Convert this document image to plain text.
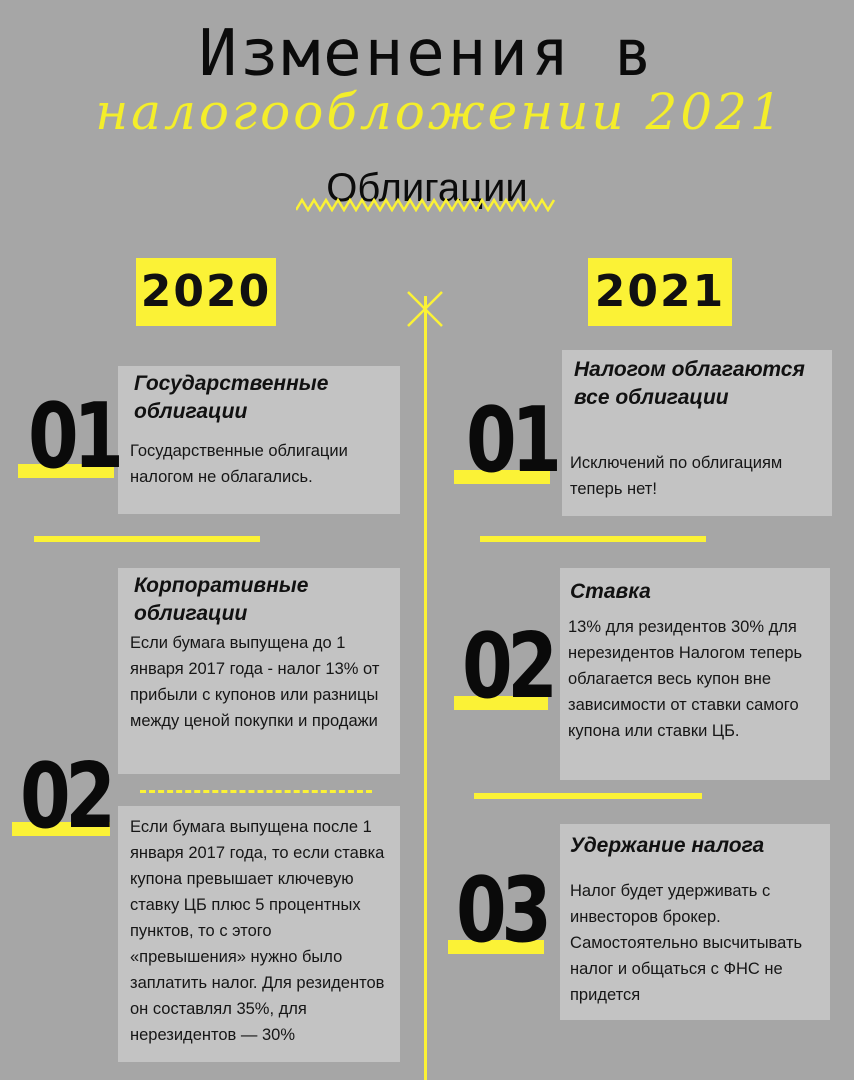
Изменения в
налогообложении 2021
Облигации
2020	2021

Государственные облигации

Государственные облигации налогом не облагались.

01

Корпоративные облигации

Если бумага выпущена до 1 января 2017 года - налог 13% от прибыли с купонов или разницы между ценой покупки и продажи

Если бумага выпущена после 1 января 2017 года, то если ставка купона превышает ключевую ставку ЦБ плюс 5 процентных пунктов, то с этого «превышения» нужно было заплатить налог. Для резидентов он составлял 35%, для нерезидентов — 30%

02

Налогом облагаются все облигации

Исключений по облигациям теперь нет!

01

Ставка

13% для резидентов 30% для нерезидентов Налогом теперь облагается весь купон вне зависимости от ставки самого купона или ставки ЦБ.

02

Удержание налога

Налог будет удерживать с инвесторов брокер. Самостоятельно высчитывать налог и общаться с ФНС не придется

03
